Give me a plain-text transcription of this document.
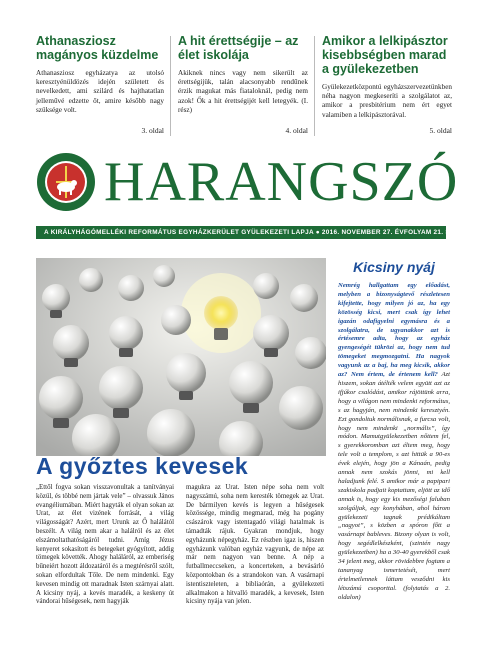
Athanasziosz magányos küzdelme

Athanasziosz egyházatya az utolsó keresztyénüldözés idején született és nevelkedett, ami szilárd és hajthatatlan jelleművé edzette őt, amire később nagy szüksége volt.

3. oldal
A hit érettségije – az élet iskolája

Akiknek nincs vagy nem sikerült az érettségijük, talán alacsonyabb rendűnek érzik magukat más fiataloknál, pedig nem azok! Ők a hit érettségijét kell letegyék. (I. rész)

4. oldal
Amikor a lelkipásztor kisebbségben marad a gyülekezetben

Gyülekezetközpontú egyházszervezetünkben néha nagyon megkeseríti a szolgálatot az, amikor a presbitérium nem ért egyet valamiben a lelkipásztorával.

5. oldal
HARANGSZÓ
A KIRÁLYHÁGÓMELLÉKI REFORMÁTUS EGYHÁZKERÜLET GYÜLEKEZETI LAPJA ● 2016. NOVEMBER 27. ÉVFOLYAM 21. SZÁM
A győztes kevesek

„Ettől fogva sokan visszavonultak a tanítványai közül, és többé nem jártak vele” – olvassuk János evangéliumában. Miért hagyták el olyan sokan az Urat, az élet vizének forrását, a világ világosságát? Azért, mert Urunk az Ő halálától beszélt. A világ nem akar a halálról és az élet elszámoltathatóságáról tudni. Amíg Jézus kenyeret sokasított és betegeket gyógyított, addig tömegek követték. Ahogy haláláról, az emberiség bűneiért hozott áldozatáról és a megtérésről szólt, sokan elfordultak Tőle. De nem mindenki. Egy kevesen mindig ott maradnak Isten szárnyai alatt. A kicsiny nyáj, a kevés maradék, a keskeny út vándorai hűségesek, nem hagyják

magukra az Urat. Isten népe soha nem volt nagyszámú, soha nem keresték tömegek az Urat. De bármilyen kevés is legyen a hűségesek közössége, mindig megmarad, még ha pogány császárok vagy istentagadó világi hatalmak is támadták rájuk. Gyakran mondjuk, hogy egyházunk népegyház. Ez részben igaz is, hiszen egyházunk valóban egyház vagyunk, de népe az már nem nagyon van benne. A nép a futballmeccseken, a koncerteken, a bevásárló központokban és a strandokon van. A vasárnapi istentiszteleten, a bibliaórán, a gyülekezeti alkalmakon a hitvalló maradék, a kevesek, Isten kicsiny nyája van jelen.

Kicsiny nyáj

Nemrég hallgattam egy előadást, melyben a bizonyságtevő részletesen kifejtette, hogy milyen jó az, ha egy közösség kicsi, mert csak így lehet igazán odafigyelni egymásra és a szolgálatra, de ugyanakkor azt is értésemre adta, hogy az egyház gyengeségét tükrözi az, hogy nem tud tömegeket megmozgatni. Ha nagyok vagyunk az a baj, ha meg kicsik, akkor az? Nem értem, de értenem kell? Azt hiszem, sokan átélték velem együtt azt az ifjúkor csalódást, amikor rájöttünk arra, hogy a világon nem mindenki református, s az hagyján, nem mindenki keresztyén. Ezt gondoltuk normálisnak, a furcsa volt, hogy nem mindenki „normális”, így módon. Mamutgyülekezetben nőttem fel, s gyerekkoromban azt éltem meg, hogy tele volt a templom, s azt hittük a 90-es évek elején, hogy jön a Kánaán, pedig annak nem szokás jönni, mi kell haladjunk felé. S amikor már a papipari szakiskola padjait koptattam, eljött az idő annak is, hogy egy kis mezőségi faluban szolgáljak, egy konyhában, ahol három gyülekezeti tagnak prédikáltam „nagyot”, s közben a spóron főtt a vasárnapi bableves. Bizony olyan is volt, hogy segédlelkészként, (szintén nagy gyülekezetben) ha a 30-40 gyerekből csak 34 jelent meg, akkor rövidebbre fogtam a tananyag ismertetését, mert értelmetlennek láttam vesződni kis létszámú csoporttal. (folytatás a 2. oldalon)
